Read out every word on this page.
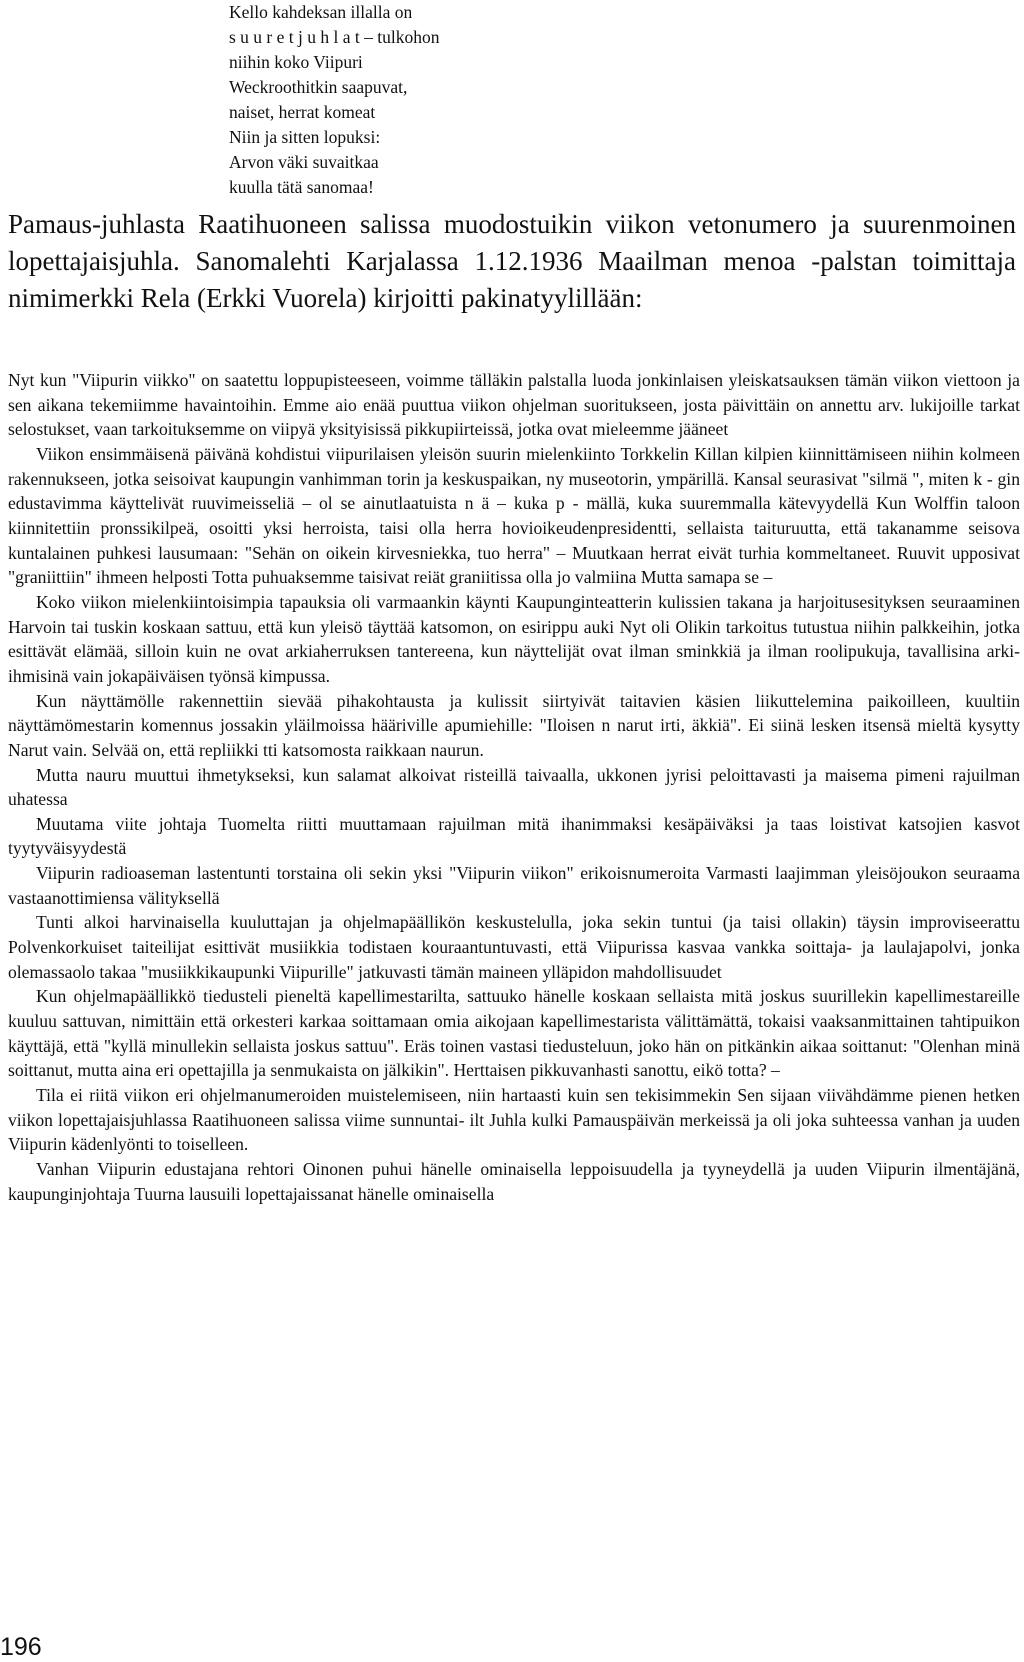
Kello kahdeksan illalla on
s u u r e t j u h l a t – tulkohon
niihin koko Viipuri
Weckroothitkin saapuvat,
naiset, herrat komeat
Niin ja sitten lopuksi:
Arvon väki suvaitkaa
kuulla tätä sanomaa!
Pamaus-juhlasta Raatihuoneen salissa muodostuikin viikon vetonumero ja suurenmoinen lopettajaisjuhla. Sanomalehti Karjalassa 1.12.1936 Maailman menoa -palstan toimittaja nimimerkki Rela (Erkki Vuorela) kirjoitti pakinatyylillään:

Nyt kun "Viipurin viikko" on saatettu loppupisteeseen, voimme tälläkin palstalla luoda jonkinlaisen yleiskatsauksen tämän viikon viettoon ja sen aikana tekemiimme havaintoihin. Emme aio enää puuttua viikon ohjelman suoritukseen, josta päivittäin on annettu arv. lukijoille tarkat selostukset, vaan tarkoituksemme on viipyä yksityisissä pikkupiirteissä, jotka ovat mieleemme jääneet

Viikon ensimmäisenä päivänä kohdistui viipurilaisen yleisön suurin mielenkiinto Torkkelin Killan kilpien kiinnittämiseen niihin kolmeen rakennukseen, jotka seisoivat kaupungin vanhimman torin ja keskuspaikan, ny museotorin, ympärillä. Kansal seurasivat "silmä ", miten k - gin edustavimma käyttelivät ruuvimeisseliä – ol se ainutlaatuista n ä – kuka p - mällä, kuka suuremmalla kätevyydellä Kun Wolffin taloon kiinnitettiin pronssikilpeä, osoitti yksi herroista, taisi olla herra hovioikeudenpresidentti, sellaista taituruutta, että takanamme seisova kuntalainen puhkesi lausumaan: "Sehän on oikein kirvesniekka, tuo herra" – Muutkaan herrat eivät turhia kommeltaneet. Ruuvit upposivat "graniittiin" ihmeen helposti Totta puhuaksemme taisivat reiät graniitissa olla jo valmiina Mutta samapa se –

Koko viikon mielenkiintoisimpia tapauksia oli varmaankin käynti Kaupunginteatterin kulissien takana ja harjoitusesityksen seuraaminen Harvoin tai tuskin koskaan sattuu, että kun yleisö täyttää katsomon, on esirippu auki Nyt oli Olikin tarkoitus tutustua niihin palkkeihin, jotka esittävät elämää, silloin kuin ne ovat arkiaherruksen tantereena, kun näyttelijät ovat ilman sminkkiä ja ilman roolipukuja, tavallisina arki-ihmisinä vain jokapäiväisen työnsä kimpussa.

Kun näyttämölle rakennettiin sievää pihakohtausta ja kulissit siirtyivät taitavien käsien liikuttelemina paikoilleen, kuultiin näyttämömestarin komennus jossakin yläilmoissa hääriville apumiehille: "Iloisen n narut irti, äkkiä". Ei siinä lesken itsensä mieltä kysytty Narut vain. Selvää on, että repliikki tti katsomosta raikkaan naurun.

Mutta nauru muuttui ihmetykseksi, kun salamat alkoivat risteillä taivaalla, ukkonen jyrisi peloittavasti ja maisema pimeni rajuilman uhatessa

Muutama viite johtaja Tuomelta riitti muuttamaan rajuilman mitä ihanimmaksi kesäpäiväksi ja taas loistivat katsojien kasvot tyytyväisyydestä

Viipurin radioaseman lastentunti torstaina oli sekin yksi "Viipurin viikon" erikoisnumeroita Varmasti laajimman yleisöjoukon seuraama vastaanottimiensa välityksellä

Tunti alkoi harvinaisella kuuluttajan ja ohjelmapäällikön keskustelulla, joka sekin tuntui (ja taisi ollakin) täysin improviseerattu Polvenkorkuiset taiteilijat esittivät musiikkia todistaen kouraantuntuvasti, että Viipurissa kasvaa vankka soittaja- ja laulajapolvi, jonka olemassaolo takaa "musiikkikaupunki Viipurille" jatkuvasti tämän maineen ylläpidon mahdollisuudet

Kun ohjelmapäällikkö tiedusteli pieneltä kapellimestarilta, sattuuko hänelle koskaan sellaista mitä joskus suurillekin kapellimestareille kuuluu sattuvan, nimittäin että orkesteri karkaa soittamaan omia aikojaan kapellimestarista välittämättä, tokaisi vaaksanmittainen tahtipuikon käyttäjä, että "kyllä minullekin sellaista joskus sattuu". Eräs toinen vastasi tiedusteluun, joko hän on pitkänkin aikaa soittanut: "Olenhan minä soittanut, mutta aina eri opettajilla ja senmukaista on jälkikin". Herttaisen pikkuvanhasti sanottu, eikö totta? –

Tila ei riitä viikon eri ohjelmanumeroiden muistelemiseen, niin hartaasti kuin sen tekisimmekin Sen sijaan viivähdämme pienen hetken viikon lopettajaisjuhlassa Raatihuoneen salissa viime sunnuntai- ilt Juhla kulki Pamauspäivän merkeissä ja oli joka suhteessa vanhan ja uuden Viipurin kädenlyönti to toiselleen.

Vanhan Viipurin edustajana rehtori Oinonen puhui hänelle ominaisella leppoisuudella ja tyyneydellä ja uuden Viipurin ilmentäjänä, kaupunginjohtaja Tuurna lausuili lopettajaissanat hänelle ominaisella

196
